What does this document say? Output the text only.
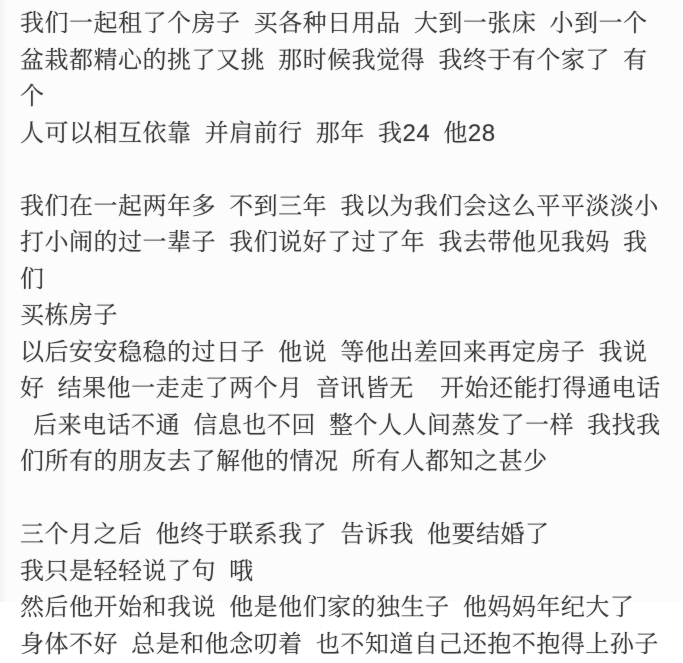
我们一起租了个房子 买各种日用品 大到一张床 小到一个
盆栽都精心的挑了又挑 那时候我觉得 我终于有个家了 有个
人可以相互依靠 并肩前行 那年 我24 他28
我们在一起两年多 不到三年 我以为我们会这么平平淡淡小
打小闹的过一辈子 我们说好了过了年 我去带他见我妈 我们
买栋房子
以后安安稳稳的过日子 他说 等他出差回来再定房子 我说
好 结果他一走走了两个月 音讯皆无  开始还能打得通电话
后来电话不通 信息也不回 整个人人间蒸发了一样 我找我
们所有的朋友去了解他的情况 所有人都知之甚少
三个月之后 他终于联系我了 告诉我 他要结婚了
我只是轻轻说了句 哦
然后他开始和我说 他是他们家的独生子 他妈妈年纪大了
身体不好 总是和他念叨着 也不知道自己还抱不抱得上孙子
